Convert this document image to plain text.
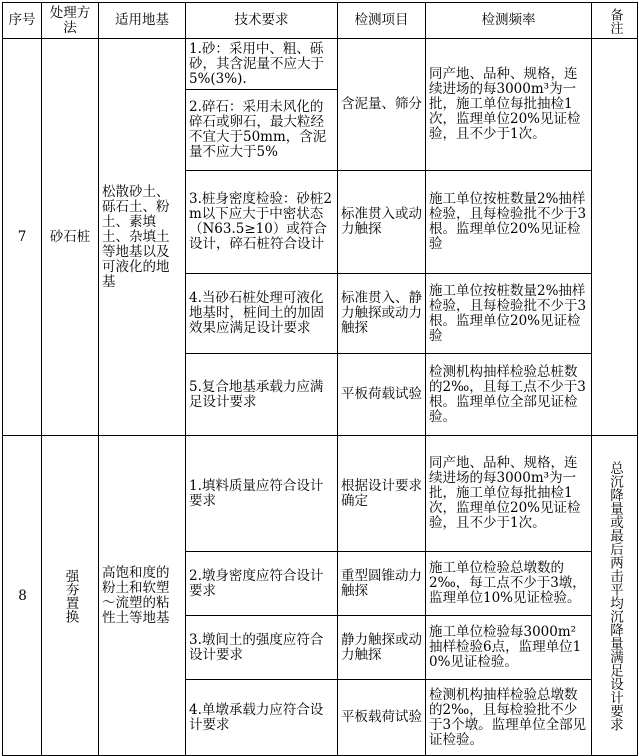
序号	处理方法	适用地基	技术要求	检测项目	检测频率	备注
7	砂石桩	松散砂土、砾石土、粉土、素填土、杂填土等地基以及可液化的地基	1.砂：采用中、粗、砾砂，其含泥量不应大于5%(3%).	含泥量、筛分	同产地、品种、规格，连续进场的每3000m³为一批，施工单位每批抽检1次，监理单位20%见证检验，且不少于1次。	
			2.碎石：采用未风化的碎石或卵石，最大粒经不宜大于50mm，含泥量不应大于5%			
			3.桩身密度检验：砂桩2m以下应大于中密状态（N63.5≥10）或符合设计，碎石桩符合设计	标准贯入或动力触探	施工单位按桩数量2%抽样检验，且每检验批不少于3根。监理单位20%见证检验	
			4.当砂石桩处理可液化地基时，桩间土的加固效果应满足设计要求	标准贯入、静力触探或动力触探	施工单位按桩数量2%抽样检验，且每检验批不少于3根。监理单位20%见证检验	
			5.复合地基承载力应满足设计要求	平板荷载试验	检测机构抽样检验总桩数的2‰，且每工点不少于3根。监理单位全部见证检验。	

8	强夯置换	高饱和度的粉土和软塑～流塑的粘性土等地基	1.填料质量应符合设计要求	根据设计要求确定	同产地、品种、规格，连续进场的每3000m³为一批，施工单位每批抽检1次，监理单位20%见证检验，且不少于1次。	总沉降量或最后两击平均沉降量满足设计要求
			2.墩身密度应符合设计要求	重型圆锥动力触探	施工单位检验总墩数的2‰，每工点不少于3墩，监理单位10%见证检验。	
			3.墩间土的强度应符合设计要求	静力触探或动力触探	施工单位检验每3000m²抽样检验6点，监理单位10%见证检验。	
			4.单墩承载力应符合设计要求	平板载荷试验	检测机构抽样检验总墩数的2‰，且每检验批不少于3个墩。监理单位全部见证检验。	
